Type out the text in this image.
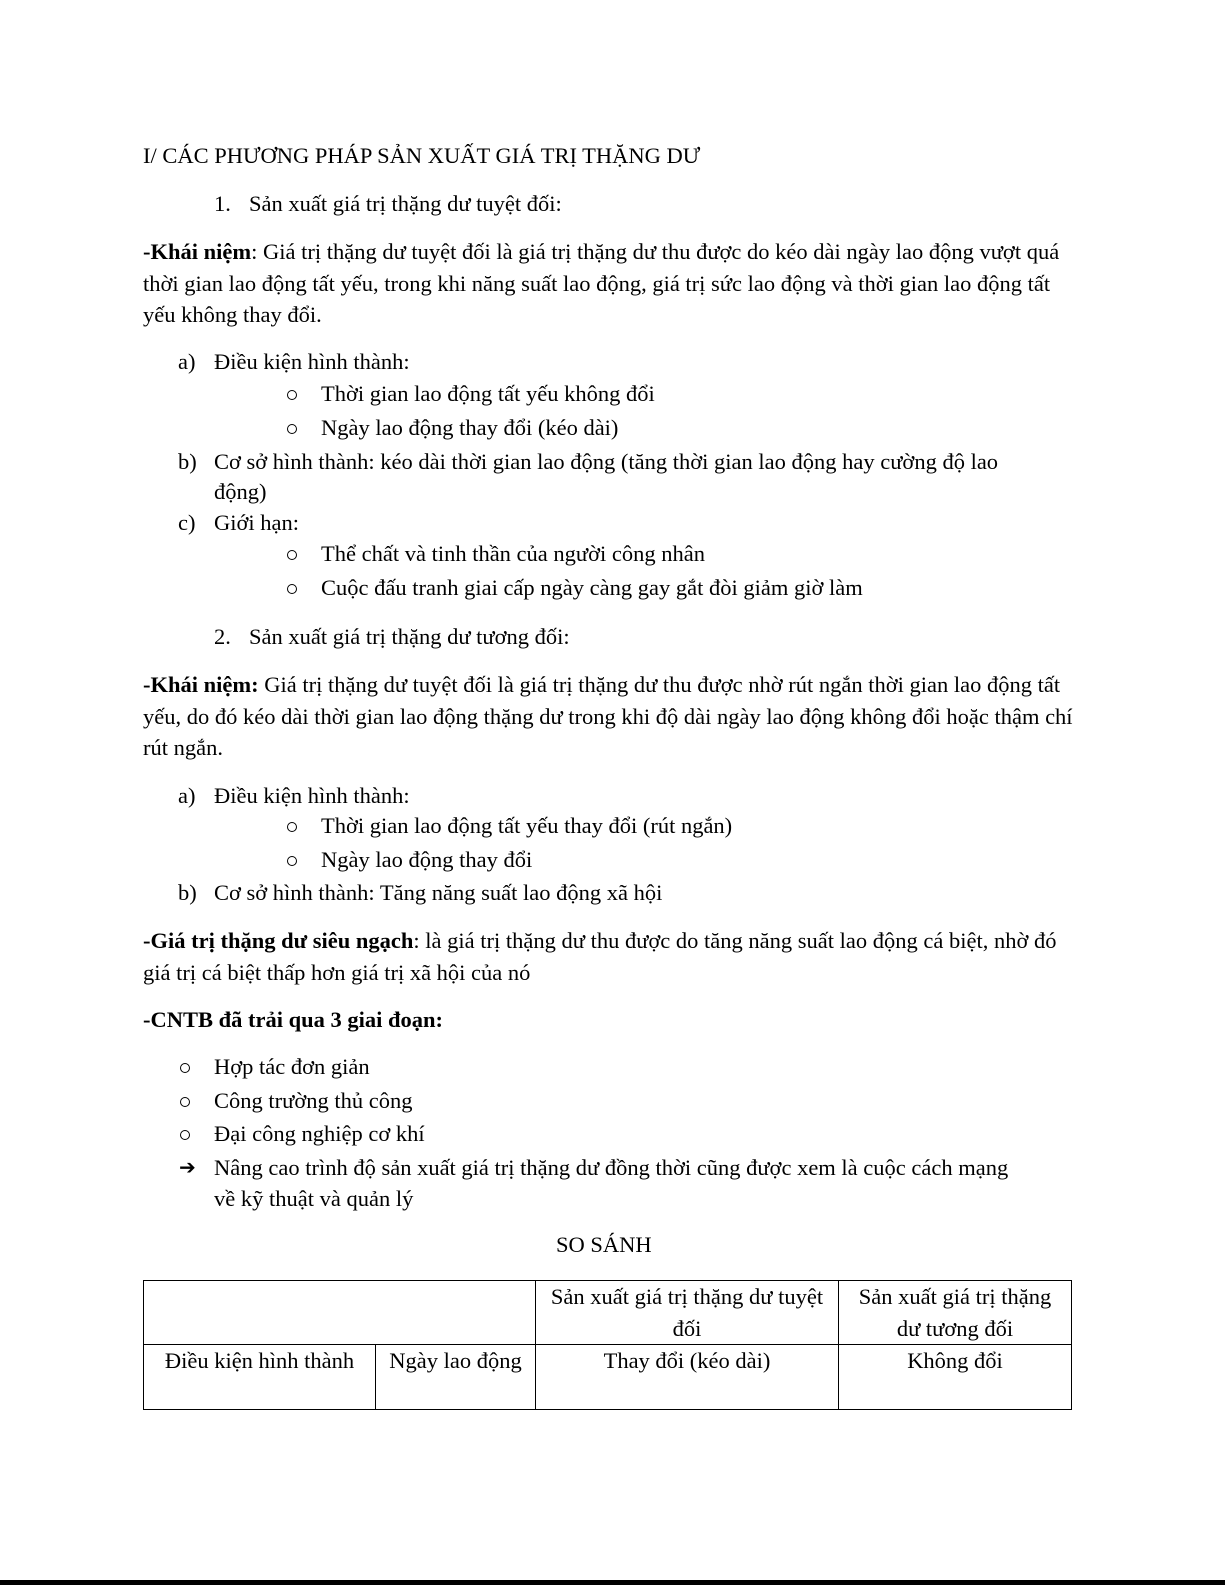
I/ CÁC PHƯƠNG PHÁP SẢN XUẤT GIÁ TRỊ THẶNG DƯ
1. Sản xuất giá trị thặng dư tuyệt đối:

-Khái niệm: Giá trị thặng dư tuyệt đối là giá trị thặng dư thu được do kéo dài ngày lao động vượt quá thời gian lao động tất yếu, trong khi năng suất lao động, giá trị sức lao động và thời gian lao động tất yếu không thay đổi.

a) Điều kiện hình thành:
Thời gian lao động tất yếu không đổi
Ngày lao động thay đổi (kéo dài)
b) Cơ sở hình thành: kéo dài thời gian lao động (tăng thời gian lao động hay cường độ lao
động)
c) Giới hạn:
Thể chất và tinh thần của người công nhân
Cuộc đấu tranh giai cấp ngày càng gay gắt đòi giảm giờ làm
2. Sản xuất giá trị thặng dư tương đối:

-Khái niệm: Giá trị thặng dư tuyệt đối là giá trị thặng dư thu được nhờ rút ngắn thời gian lao động tất yếu, do đó kéo dài thời gian lao động thặng dư trong khi độ dài ngày lao động không đổi hoặc thậm chí rút ngắn.

a) Điều kiện hình thành:
Thời gian lao động tất yếu thay đổi (rút ngắn)
Ngày lao động thay đổi
b) Cơ sở hình thành: Tăng năng suất lao động xã hội

-Giá trị thặng dư siêu ngạch: là giá trị thặng dư thu được do tăng năng suất lao động cá biệt, nhờ đó giá trị cá biệt thấp hơn giá trị xã hội của nó

-CNTB đã trải qua 3 giai đoạn:
Hợp tác đơn giản
Công trường thủ công
Đại công nghiệp cơ khí
➔ Nâng cao trình độ sản xuất giá trị thặng dư đồng thời cũng được xem là cuộc cách mạng
về kỹ thuật và quản lý
SO SÁNH
		Sản xuất giá trị thặng dư tuyệt đối	Sản xuất giá trị thặng dư tương đối
Điều kiện hình thành	Ngày lao động	Thay đổi (kéo dài)	Không đổi
